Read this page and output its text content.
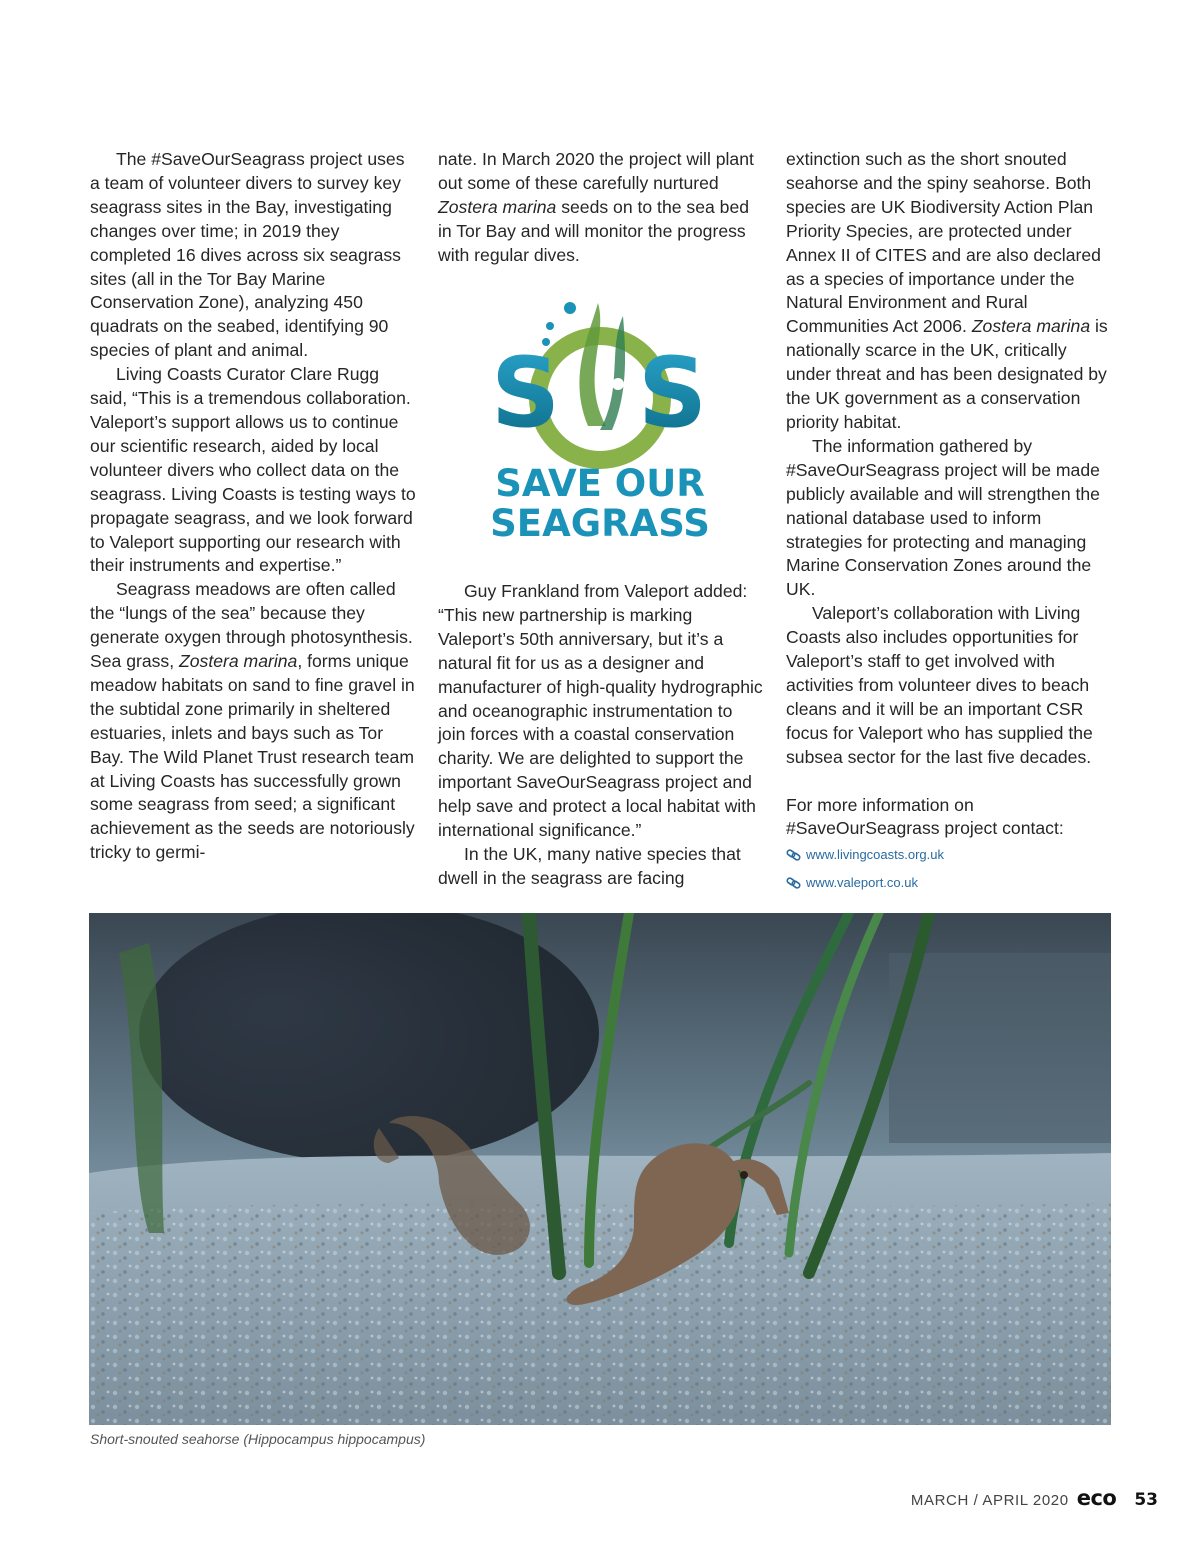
The #SaveOurSeagrass project uses a team of volunteer divers to survey key seagrass sites in the Bay, investigating changes over time; in 2019 they completed 16 dives across six seagrass sites (all in the Tor Bay Marine Conservation Zone), analyzing 450 quadrats on the seabed, identifying 90 species of plant and animal.

Living Coasts Curator Clare Rugg said, “This is a tremendous collaboration. Valeport’s support allows us to continue our scientific research, aided by local volunteer divers who collect data on the seagrass. Living Coasts is testing ways to propagate seagrass, and we look forward to Valeport supporting our research with their instruments and expertise.”

Seagrass meadows are often called the “lungs of the sea” because they generate oxygen through photosynthesis. Sea grass, Zostera marina, forms unique meadow habitats on sand to fine gravel in the subtidal zone primarily in sheltered estuaries, inlets and bays such as Tor Bay. The Wild Planet Trust research team at Living Coasts has successfully grown some seagrass from seed; a significant achievement as the seeds are notoriously tricky to germi-

nate. In March 2020 the project will plant out some of these carefully nurtured Zostera marina seeds on to the sea bed in Tor Bay and will monitor the progress with regular dives.

Guy Frankland from Valeport added: “This new partnership is marking Valeport’s 50th anniversary, but it’s a natural fit for us as a designer and manufacturer of high-quality hydrographic and oceanographic instrumentation to join forces with a coastal conservation charity. We are delighted to support the important SaveOurSeagrass project and help save and protect a local habitat with international significance.”

In the UK, many native species that dwell in the seagrass are facing

S S
SAVE OUR
SEAGRASS

extinction such as the short snouted seahorse and the spiny seahorse. Both species are UK Biodiversity Action Plan Priority Species, are protected under Annex II of CITES and are also declared as a species of importance under the Natural Environment and Rural Communities Act 2006. Zostera marina is nationally scarce in the UK, critically under threat and has been designated by the UK government as a conservation priority habitat.

The information gathered by #SaveOurSeagrass project will be made publicly available and will strengthen the national database used to inform strategies for protecting and managing Marine Conservation Zones around the UK.

Valeport’s collaboration with Living Coasts also includes opportunities for Valeport’s staff to get involved with activities from volunteer dives to beach cleans and it will be an important CSR focus for Valeport who has supplied the subsea sector for the last five decades.

For more information on #SaveOurSeagrass project contact:

www.livingcoasts.org.uk
www.valeport.co.uk
Short-snouted seahorse (Hippocampus hippocampus)
MARCH / APRIL 2020 eco 53
